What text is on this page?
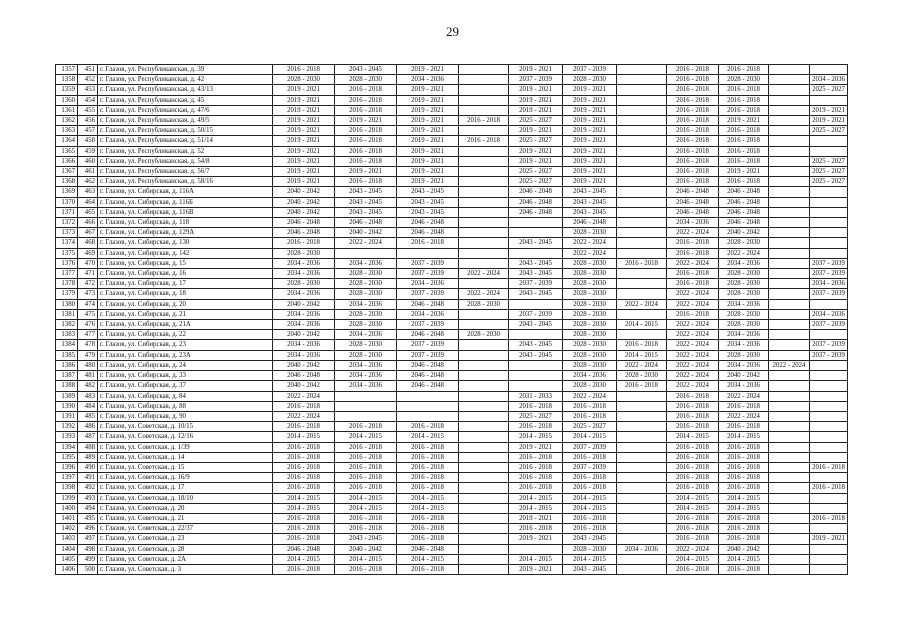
29
1357	451	г. Глазов, ул. Республиканская, д. 39	2016 - 2018	2043 - 2045	2019 - 2021		2019 - 2021	2037 - 2039		2016 - 2018	2016 - 2018		
1358	452	г. Глазов, ул. Республиканская, д. 42	2028 - 2030	2028 - 2030	2034 - 2036		2037 - 2039	2028 - 2030		2016 - 2018	2028 - 2030		2034 - 2036
1359	453	г. Глазов, ул. Республиканская, д. 43/13	2019 - 2021	2016 - 2018	2019 - 2021		2019 - 2021	2019 - 2021		2016 - 2018	2016 - 2018		2025 - 2027
1360	454	г. Глазов, ул. Республиканская, д. 45	2019 - 2021	2016 - 2018	2019 - 2021		2019 - 2021	2019 - 2021		2016 - 2018	2016 - 2018		
1361	455	г. Глазов, ул. Республиканская, д. 47/6	2019 - 2021	2016 - 2018	2019 - 2021		2019 - 2021	2019 - 2021		2016 - 2018	2016 - 2018		2019 - 2021
1362	456	г. Глазов, ул. Республиканская, д. 49/5	2019 - 2021	2019 - 2021	2019 - 2021	2016 - 2018	2025 - 2027	2019 - 2021		2016 - 2018	2019 - 2021		2019 - 2021
1363	457	г. Глазов, ул. Республиканская, д. 50/15	2019 - 2021	2016 - 2018	2019 - 2021		2019 - 2021	2019 - 2021		2016 - 2018	2016 - 2018		2025 - 2027
1364	458	г. Глазов, ул. Республиканская, д. 51/14	2019 - 2021	2016 - 2018	2019 - 2021	2016 - 2018	2025 - 2027	2019 - 2021		2016 - 2018	2016 - 2018		
1365	459	г. Глазов, ул. Республиканская, д. 52	2019 - 2021	2016 - 2018	2019 - 2021		2019 - 2021	2019 - 2021		2016 - 2018	2016 - 2018		
1366	460	г. Глазов, ул. Республиканская, д. 54/8	2019 - 2021	2016 - 2018	2019 - 2021		2019 - 2021	2019 - 2021		2016 - 2018	2016 - 2018		2025 - 2027
1367	461	г. Глазов, ул. Республиканская, д. 56/7	2019 - 2021	2019 - 2021	2019 - 2021		2025 - 2027	2019 - 2021		2016 - 2018	2019 - 2021		2025 - 2027
1368	462	г. Глазов, ул. Республиканская, д. 58/16	2019 - 2021	2016 - 2018	2019 - 2021		2025 - 2027	2019 - 2021		2016 - 2018	2016 - 2018		2025 - 2027
1369	463	г. Глазов, ул. Сибирская, д. 116А	2040 - 2042	2043 - 2045	2043 - 2045		2046 - 2048	2043 - 2045		2046 - 2048	2046 - 2048		
1370	464	г. Глазов, ул. Сибирская, д. 116Б	2040 - 2042	2043 - 2045	2043 - 2045		2046 - 2048	2043 - 2045		2046 - 2048	2046 - 2048		
1371	465	г. Глазов, ул. Сибирская, д. 116В	2040 - 2042	2043 - 2045	2043 - 2045		2046 - 2048	2043 - 2045		2046 - 2048	2046 - 2048		
1372	466	г. Глазов, ул. Сибирская, д. 118	2046 - 2048	2046 - 2048	2046 - 2048			2046 - 2048		2034 - 2036	2046 - 2048		
1373	467	г. Глазов, ул. Сибирская, д. 129А	2046 - 2048	2040 - 2042	2046 - 2048			2028 - 2030		2022 - 2024	2040 - 2042		
1374	468	г. Глазов, ул. Сибирская, д. 130	2016 - 2018	2022 - 2024	2016 - 2018		2043 - 2045	2022 - 2024		2016 - 2018	2028 - 2030		
1375	469	г. Глазов, ул. Сибирская, д. 142	2028 - 2030					2022 - 2024		2016 - 2018	2022 - 2024		
1376	470	г. Глазов, ул. Сибирская, д. 15	2034 - 2036	2034 - 2036	2037 - 2039		2043 - 2045	2028 - 2030	2016 - 2018	2022 - 2024	2034 - 2036		2037 - 2039
1377	471	г. Глазов, ул. Сибирская, д. 16	2034 - 2036	2028 - 2030	2037 - 2039	2022 - 2024	2043 - 2045	2028 - 2030		2016 - 2018	2028 - 2030		2037 - 2039
1378	472	г. Глазов, ул. Сибирская, д. 17	2028 - 2030	2028 - 2030	2034 - 2036		2037 - 2039	2028 - 2030		2016 - 2018	2028 - 2030		2034 - 2036
1379	473	г. Глазов, ул. Сибирская, д. 18	2034 - 2036	2028 - 2030	2037 - 2039	2022 - 2024	2043 - 2045	2028 - 2030		2022 - 2024	2028 - 2030		2037 - 2039
1380	474	г. Глазов, ул. Сибирская, д. 20	2040 - 2042	2034 - 2036	2046 - 2048	2028 - 2030		2028 - 2030	2022 - 2024	2022 - 2024	2034 - 2036		
1381	475	г. Глазов, ул. Сибирская, д. 21	2034 - 2036	2028 - 2030	2034 - 2036		2037 - 2039	2028 - 2030		2016 - 2018	2028 - 2030		2034 - 2036
1382	476	г. Глазов, ул. Сибирская, д. 21А	2034 - 2036	2028 - 2030	2037 - 2039		2043 - 2045	2028 - 2030	2014 - 2015	2022 - 2024	2028 - 2030		2037 - 2039
1383	477	г. Глазов, ул. Сибирская, д. 22	2040 - 2042	2034 - 2036	2046 - 2048	2028 - 2030		2028 - 2030		2022 - 2024	2034 - 2036		
1384	478	г. Глазов, ул. Сибирская, д. 23	2034 - 2036	2028 - 2030	2037 - 2039		2043 - 2045	2028 - 2030	2016 - 2018	2022 - 2024	2034 - 2036		2037 - 2039
1385	479	г. Глазов, ул. Сибирская, д. 23А	2034 - 2036	2028 - 2030	2037 - 2039		2043 - 2045	2028 - 2030	2014 - 2015	2022 - 2024	2028 - 2030		2037 - 2039
1386	480	г. Глазов, ул. Сибирская, д. 24	2040 - 2042	2034 - 2036	2046 - 2048			2028 - 2030	2022 - 2024	2022 - 2024	2034 - 2036	2022 - 2024	
1387	481	г. Глазов, ул. Сибирская, д. 33	2046 - 2048	2034 - 2036	2046 - 2048			2034 - 2036	2028 - 2030	2022 - 2024	2040 - 2042		
1388	482	г. Глазов, ул. Сибирская, д. 37	2040 - 2042	2034 - 2036	2046 - 2048			2028 - 2030	2016 - 2018	2022 - 2024	2034 - 2036		
1389	483	г. Глазов, ул. Сибирская, д. 84	2022 - 2024				2031 - 2033	2022 - 2024		2016 - 2018	2022 - 2024		
1390	484	г. Глазов, ул. Сибирская, д. 88	2016 - 2018				2016 - 2018	2016 - 2018		2016 - 2018	2016 - 2018		
1391	485	г. Глазов, ул. Сибирская, д. 90	2022 - 2024				2025 - 2027	2016 - 2018		2016 - 2018	2022 - 2024		
1392	486	г. Глазов, ул. Советская, д. 10/15	2016 - 2018	2016 - 2018	2016 - 2018		2016 - 2018	2025 - 2027		2016 - 2018	2016 - 2018		
1393	487	г. Глазов, ул. Советская, д. 12/16	2014 - 2015	2014 - 2015	2014 - 2015		2014 - 2015	2014 - 2015		2014 - 2015	2014 - 2015		
1394	488	г. Глазов, ул. Советская, д. 1/39	2016 - 2018	2016 - 2018	2016 - 2018		2019 - 2021	2037 - 2039		2016 - 2018	2016 - 2018		
1395	489	г. Глазов, ул. Советская, д. 14	2016 - 2018	2016 - 2018	2016 - 2018		2016 - 2018	2016 - 2018		2016 - 2018	2016 - 2018		
1396	490	г. Глазов, ул. Советская, д. 15	2016 - 2018	2016 - 2018	2016 - 2018		2016 - 2018	2037 - 2039		2016 - 2018	2016 - 2018		2016 - 2018
1397	491	г. Глазов, ул. Советская, д. 16/9	2016 - 2018	2016 - 2018	2016 - 2018		2016 - 2018	2016 - 2018		2016 - 2018	2016 - 2018		
1398	492	г. Глазов, ул. Советская, д. 17	2016 - 2018	2016 - 2018	2016 - 2018		2016 - 2018	2016 - 2018		2016 - 2018	2016 - 2018		2016 - 2018
1399	493	г. Глазов, ул. Советская, д. 18/10	2014 - 2015	2014 - 2015	2014 - 2015		2014 - 2015	2014 - 2015		2014 - 2015	2014 - 2015		
1400	494	г. Глазов, ул. Советская, д. 20	2014 - 2015	2014 - 2015	2014 - 2015		2014 - 2015	2014 - 2015		2014 - 2015	2014 - 2015		
1401	495	г. Глазов, ул. Советская, д. 21	2016 - 2018	2016 - 2018	2016 - 2018		2019 - 2021	2016 - 2018		2016 - 2018	2016 - 2018		2016 - 2018
1402	496	г. Глазов, ул. Советская, д. 22/37	2016 - 2018	2016 - 2018	2016 - 2018		2016 - 2018	2016 - 2018		2016 - 2018	2016 - 2018		
1403	497	г. Глазов, ул. Советская, д. 23	2016 - 2018	2043 - 2045	2016 - 2018		2019 - 2021	2043 - 2045		2016 - 2018	2016 - 2018		2019 - 2021
1404	498	г. Глазов, ул. Советская, д. 28	2046 - 2048	2040 - 2042	2046 - 2048			2028 - 2030	2034 - 2036	2022 - 2024	2040 - 2042		
1405	499	г. Глазов, ул. Советская, д. 2А	2014 - 2015	2014 - 2015	2014 - 2015		2014 - 2015	2014 - 2015		2014 - 2015	2014 - 2015		
1406	500	г. Глазов, ул. Советская, д. 3	2016 - 2018	2016 - 2018	2016 - 2018		2019 - 2021	2043 - 2045		2016 - 2018	2016 - 2018		
